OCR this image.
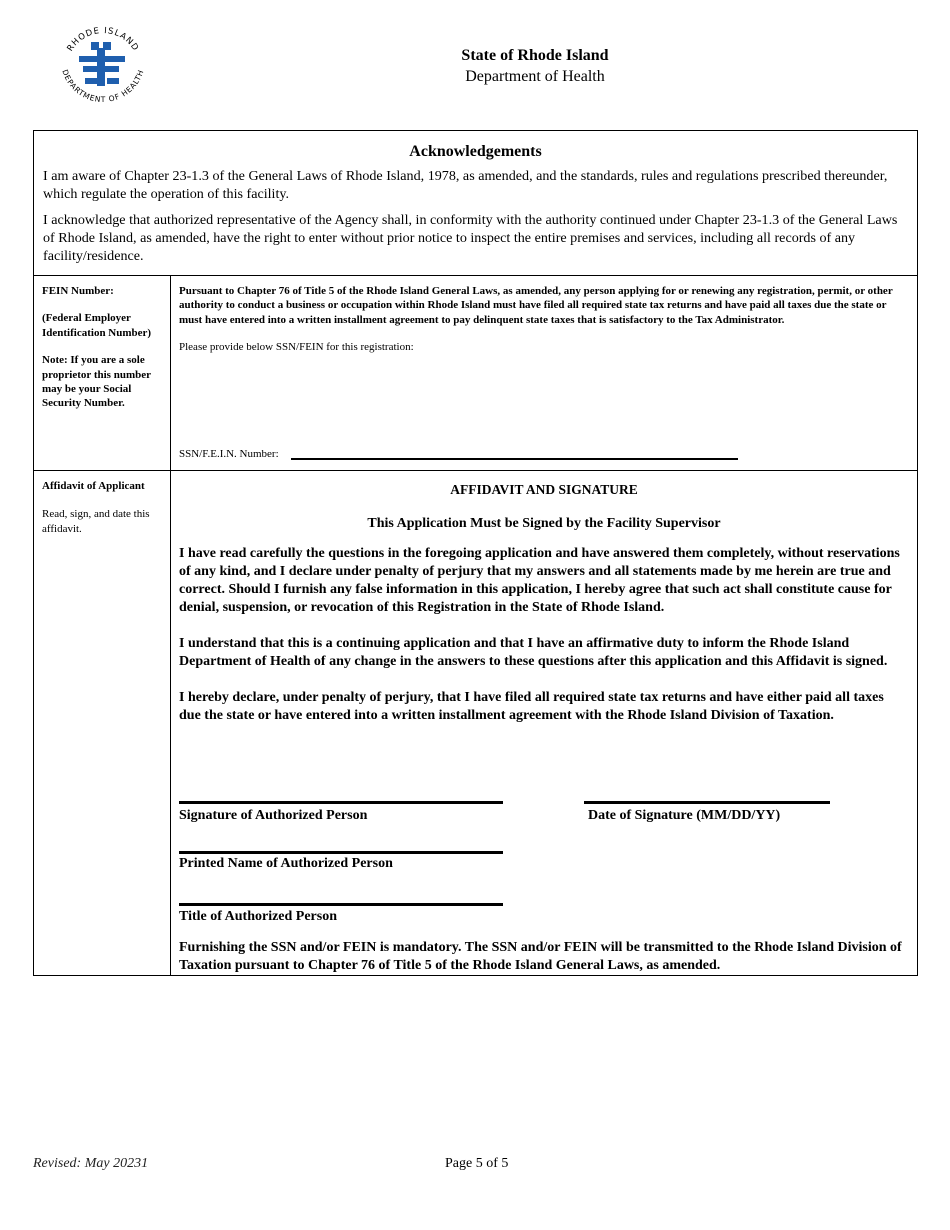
RHODE ISLAND
DEPARTMENT OF HEALTH
State of Rhode Island
Department of Health
Acknowledgements

I am aware of Chapter 23-1.3 of the General Laws of Rhode Island, 1978, as amended, and the standards, rules and regulations prescribed thereunder, which regulate the operation of this facility.

I acknowledge that authorized representative of the Agency shall, in conformity with the authority continued under Chapter 23-1.3 of the General Laws of Rhode Island, as amended, have the right to enter without prior notice to inspect the entire premises and services, including all records of any facility/residence.

FEIN Number:

(Federal Employer Identification Number)

Note: If you are a sole proprietor this number may be your Social Security Number.

Pursuant to Chapter 76 of Title 5 of the Rhode Island General Laws, as amended, any person applying for or renewing any registration, permit, or other authority to conduct a business or occupation within Rhode Island must have filed all required state tax returns and have paid all taxes due the state or must have entered into a written installment agreement to pay delinquent state taxes that is satisfactory to the Tax Administrator.

Please provide below SSN/FEIN for this registration:

SSN/F.E.I.N. Number:

Affidavit of Applicant

Read, sign, and date this affidavit.

AFFIDAVIT AND SIGNATURE
This Application Must be Signed by the Facility Supervisor

I have read carefully the questions in the foregoing application and have answered them completely, without reservations of any kind, and I declare under penalty of perjury that my answers and all statements made by me herein are true and correct. Should I furnish any false information in this application, I hereby agree that such act shall constitute cause for denial, suspension, or revocation of this Registration in the State of Rhode Island.

I understand that this is a continuing application and that I have an affirmative duty to inform the Rhode Island Department of Health of any change in the answers to these questions after this application and this Affidavit is signed.

I hereby declare, under penalty of perjury, that I have filed all required state tax returns and have either paid all taxes due the state or have entered into a written installment agreement with the Rhode Island Division of Taxation.

Signature of Authorized Person	Date of Signature (MM/DD/YY)
Printed Name of Authorized Person
Title of Authorized Person

Furnishing the SSN and/or FEIN is mandatory. The SSN and/or FEIN will be transmitted to the Rhode Island Division of Taxation pursuant to Chapter 76 of Title 5 of the Rhode Island General Laws, as amended.

Revised: May 20231	Page 5 of 5
